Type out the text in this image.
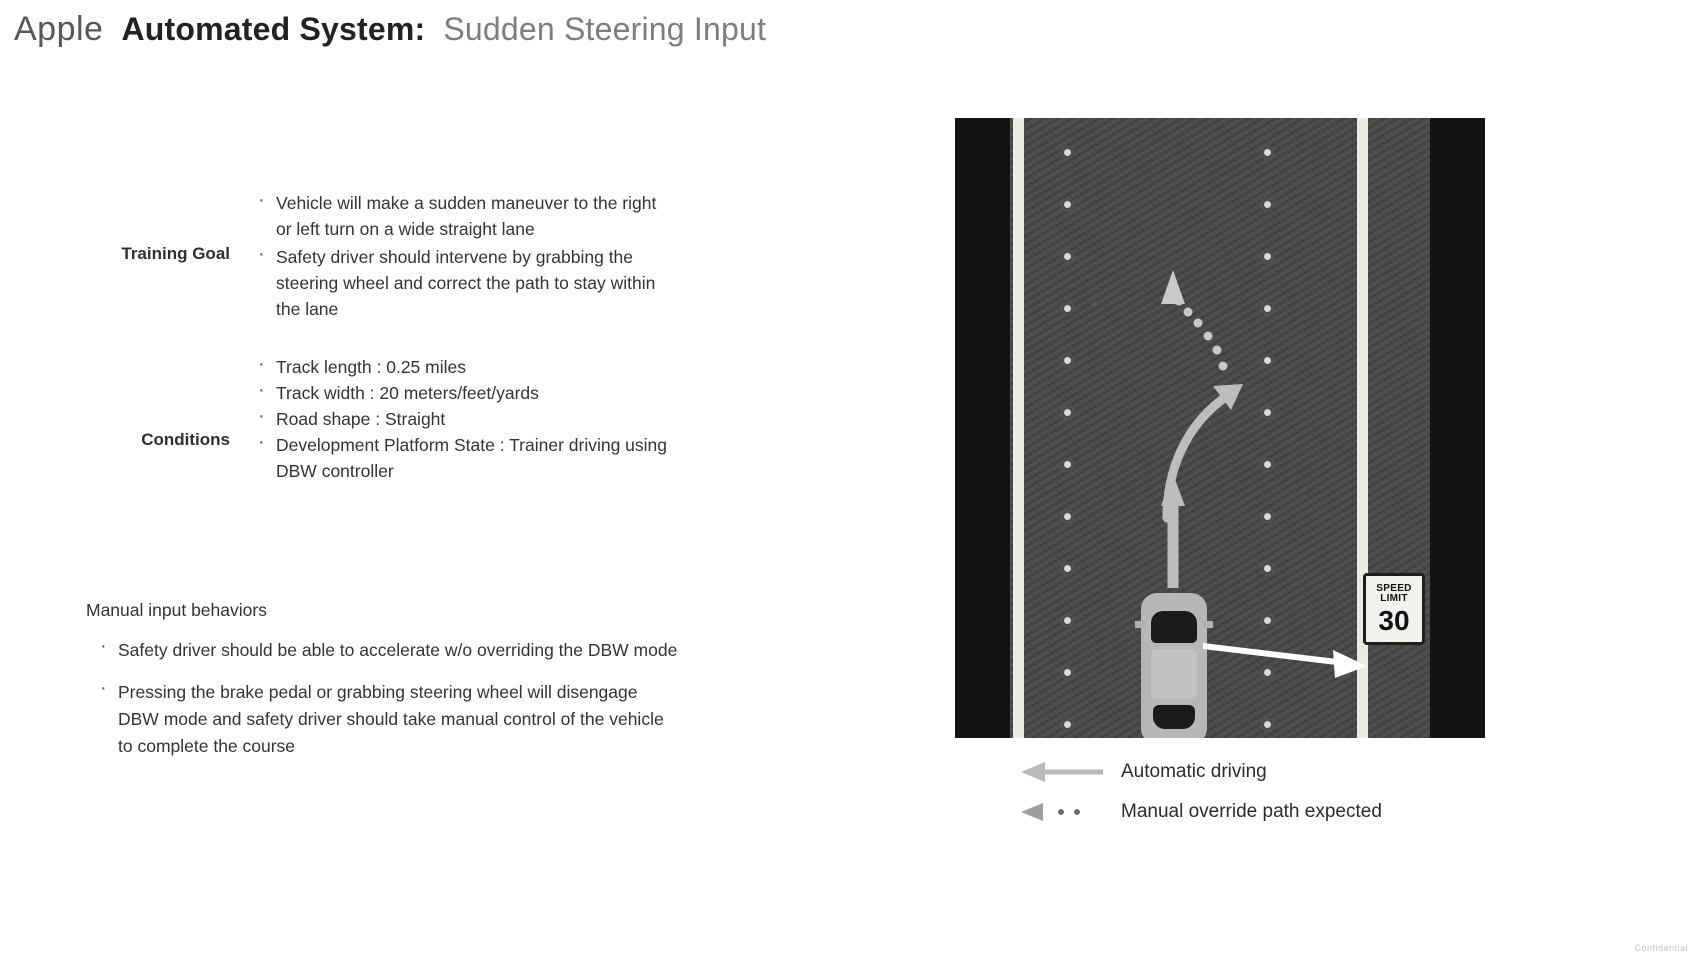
Apple Automated System: Sudden Steering Input
Training Goal
· Vehicle will make a sudden maneuver to the right or left turn on a wide straight lane
· Safety driver should intervene by grabbing the steering wheel and correct the path to stay within the lane
Conditions
· Track length : 0.25 miles
· Track width : 20 meters/feet/yards
· Road shape : Straight
· Development Platform State : Trainer driving using DBW controller
Manual input behaviors
· Safety driver should be able to accelerate w/o overriding the DBW mode
· Pressing the brake pedal or grabbing steering wheel will disengage DBW mode and safety driver should take manual control of the vehicle to complete the course
SPEED
LIMIT
30
Automatic driving
Manual override path expected
Confidential
